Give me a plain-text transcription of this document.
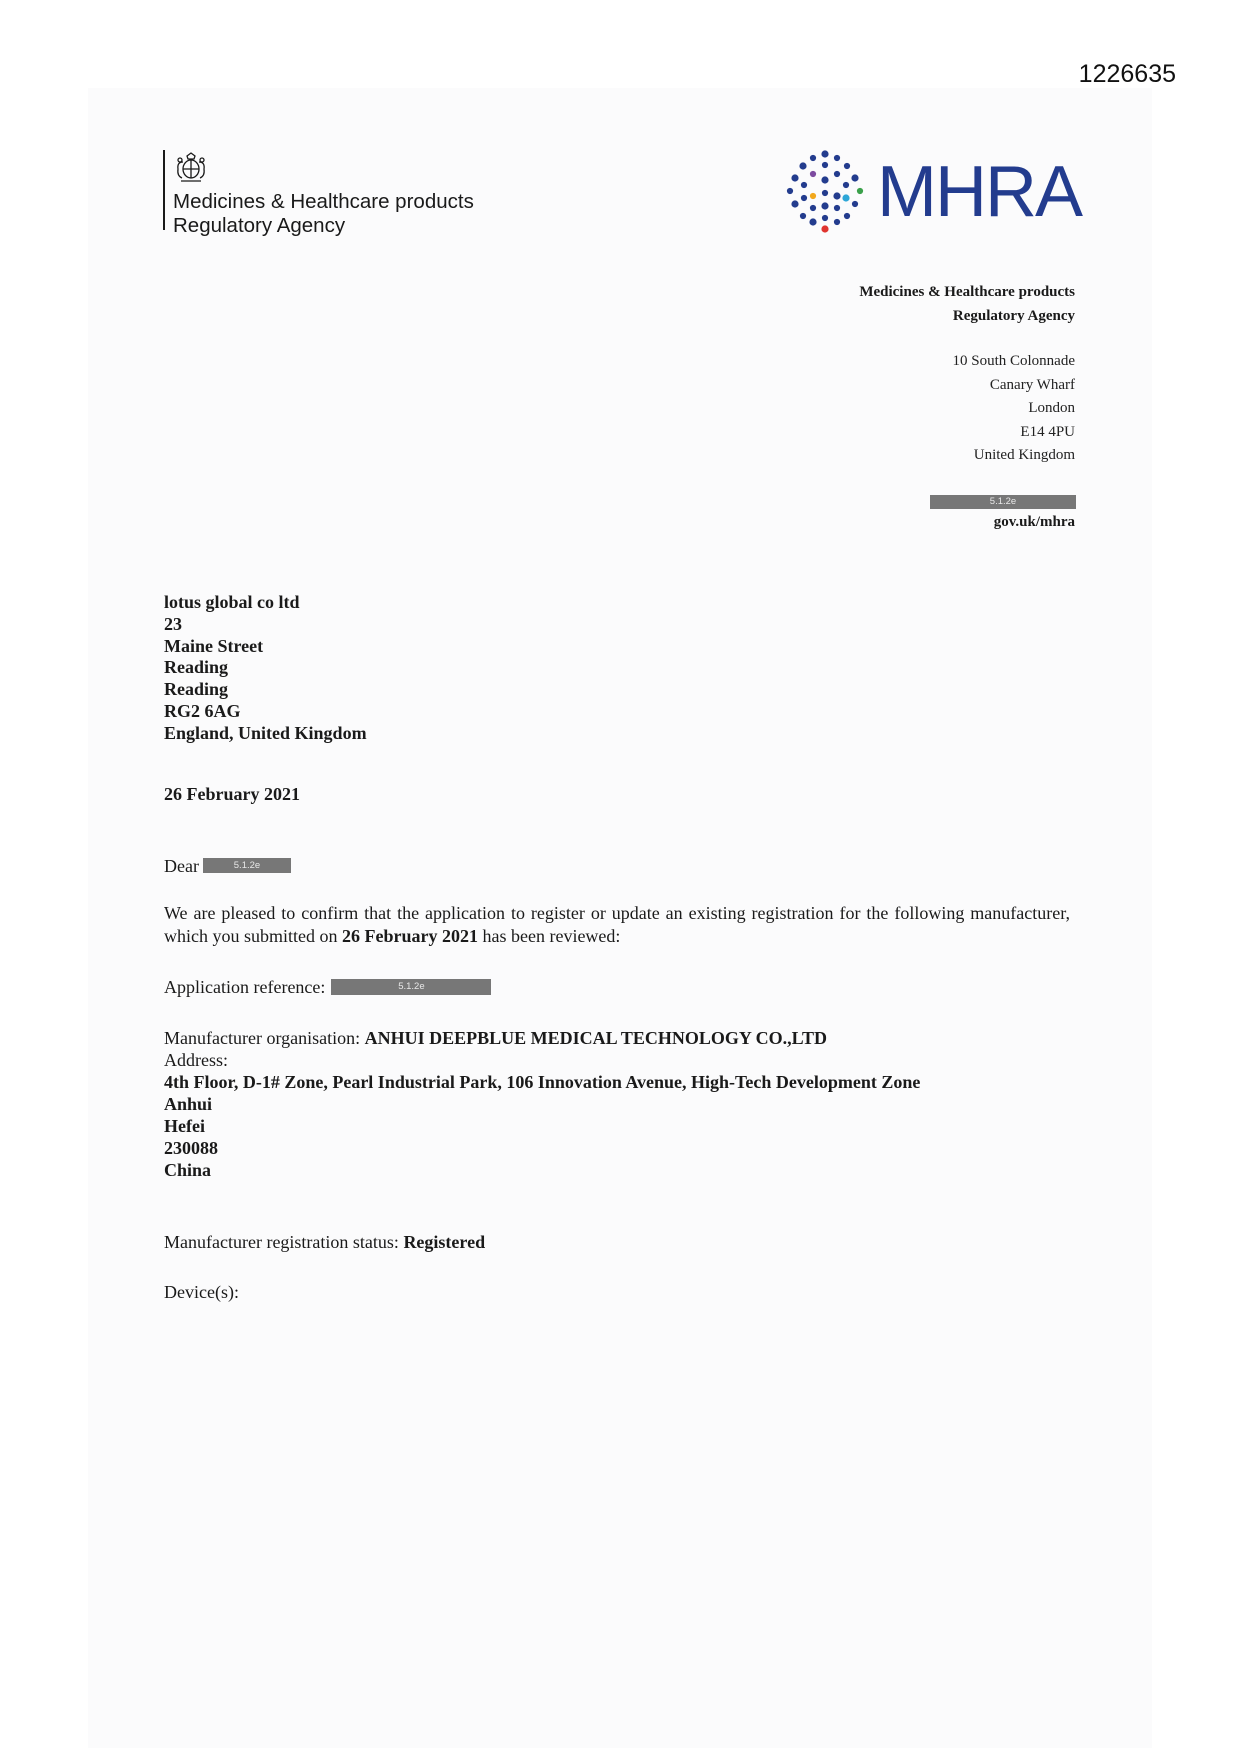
1226635
Medicines & Healthcare products
Regulatory Agency	MHRA
Medicines & Healthcare products
Regulatory Agency
10 South Colonnade
Canary Wharf
London
E14 4PU
United Kingdom
5.1.2e
gov.uk/mhra
lotus global co ltd
23
Maine Street
Reading
Reading
RG2 6AG
England, United Kingdom
26 February 2021
Dear	5.1.2e
We are pleased to confirm that the application to register or update an existing registration for the following manufacturer, which you submitted on 26 February 2021 has been reviewed:
Application reference:	5.1.2e
Manufacturer organisation: ANHUI DEEPBLUE MEDICAL TECHNOLOGY CO.,LTD
Address:
4th Floor, D-1# Zone, Pearl Industrial Park, 106 Innovation Avenue, High-Tech Development Zone
Anhui
Hefei
230088
China
Manufacturer registration status: Registered
Device(s):
